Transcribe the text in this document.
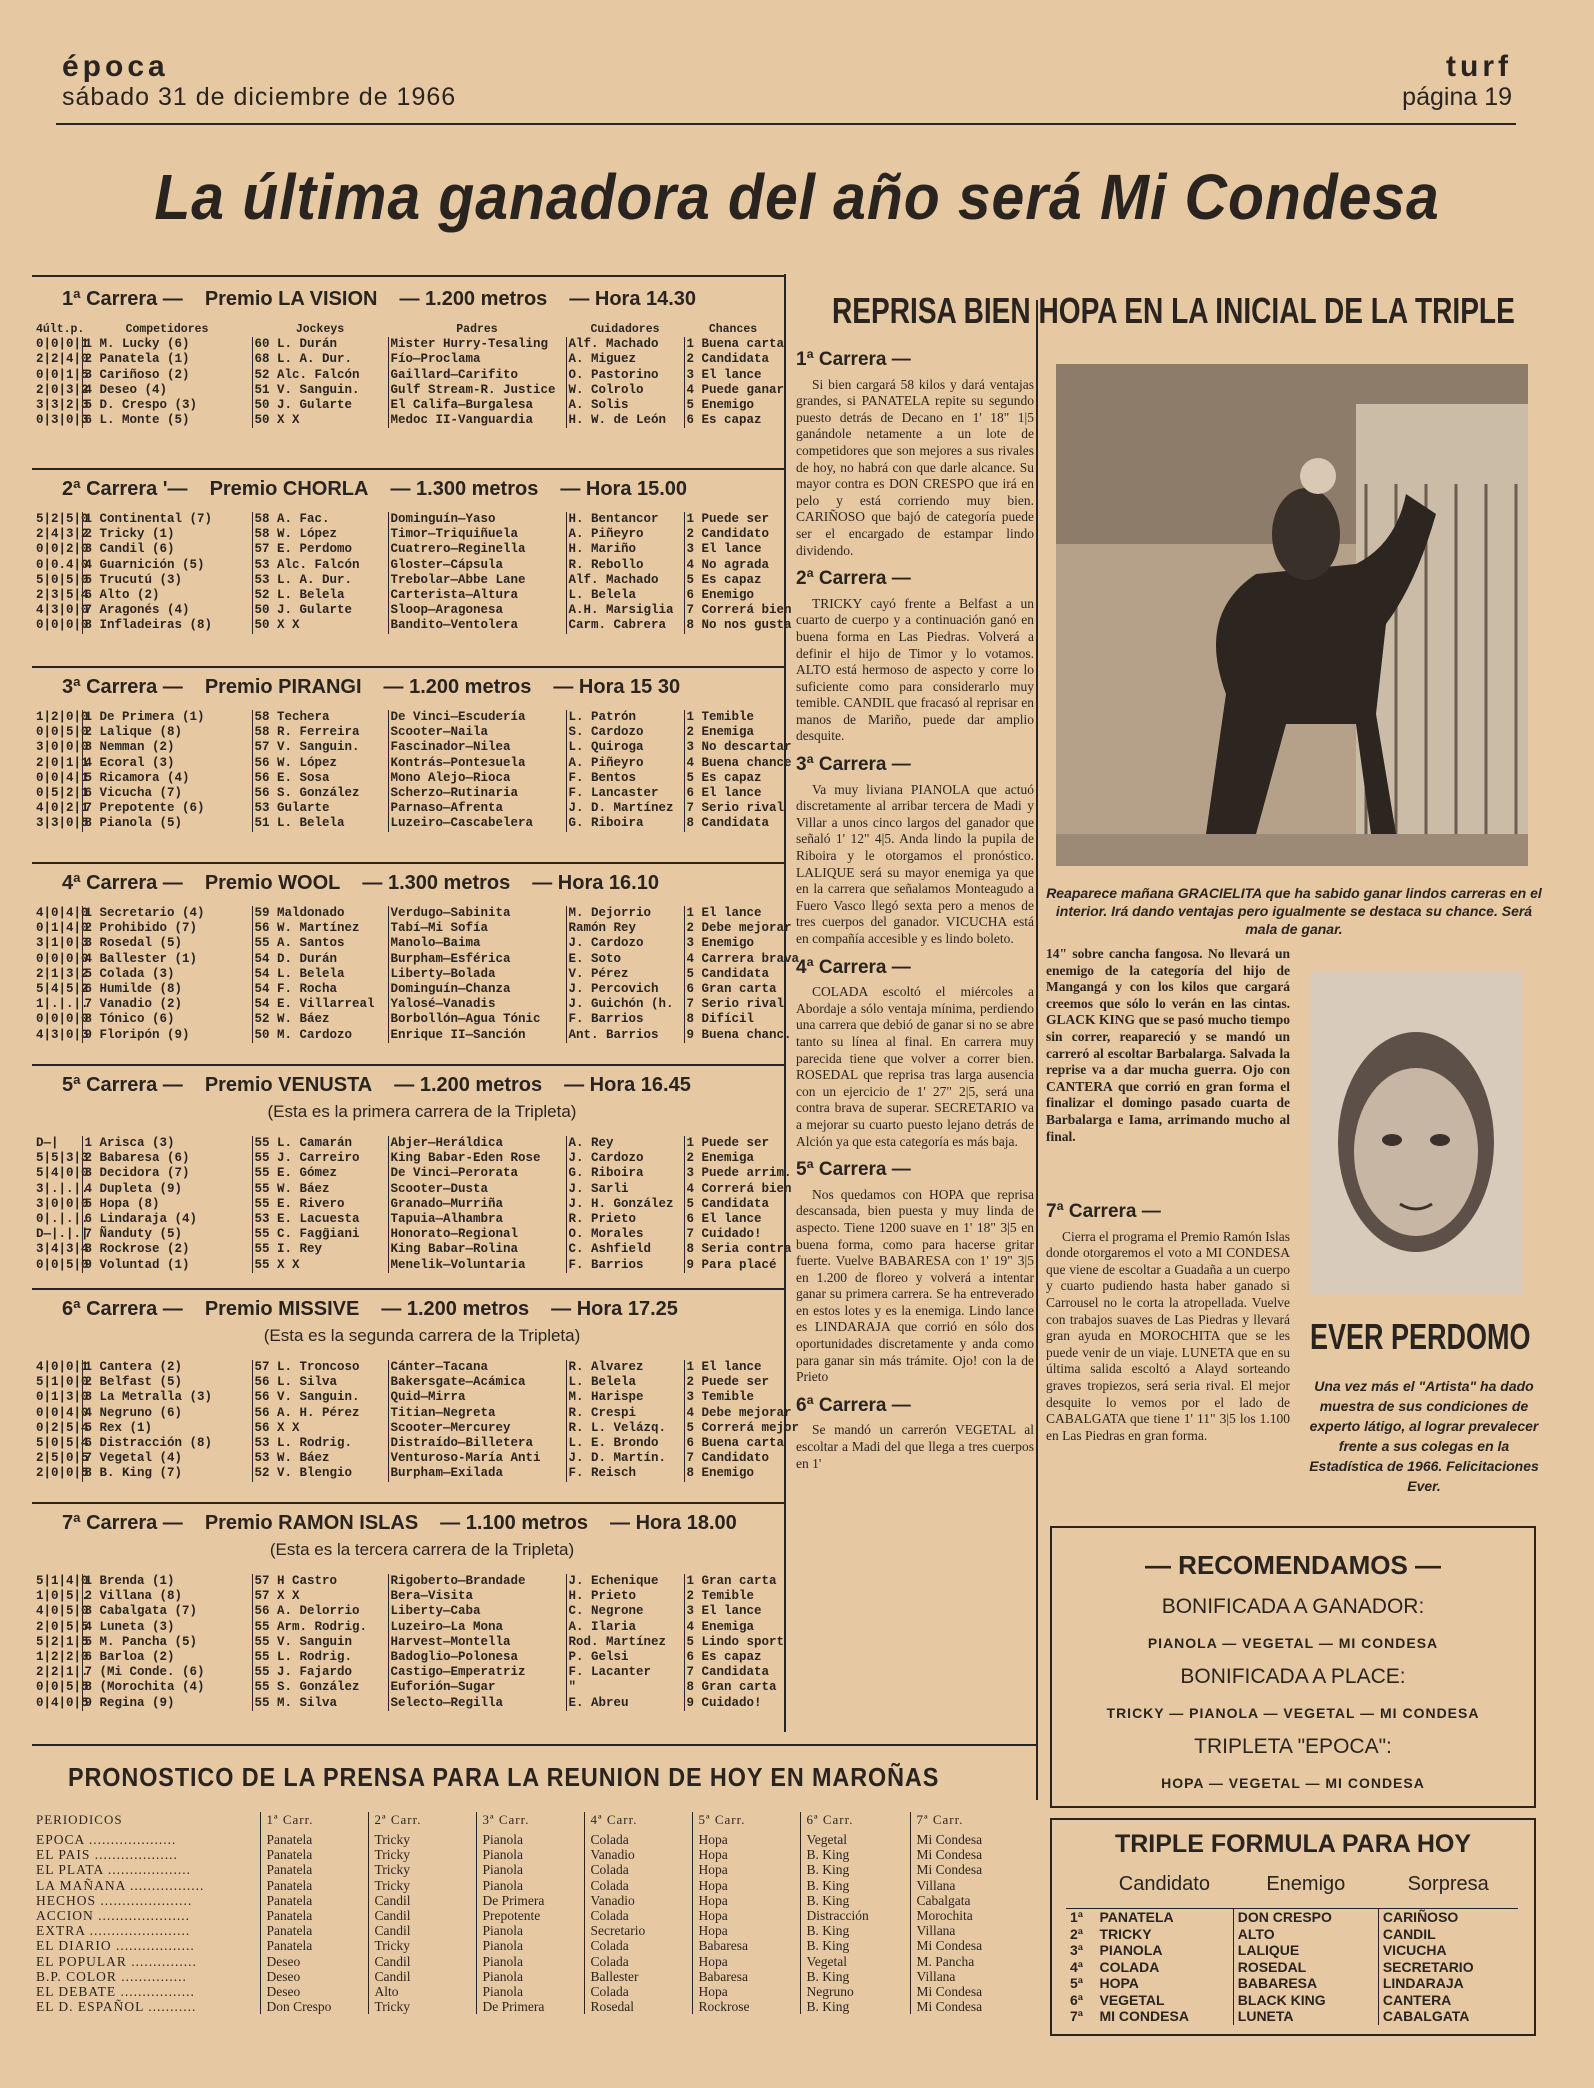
época
sábado 31 de diciembre de 1966
turf
página 19
La última ganadora del año será Mi Condesa
1ª Carrera — Premio LA VISION — 1.200 metros — Hora 14.30
4últ.p.	Competidores	Jockeys	Padres	Cuidadores	Chances
0|0|0|1	1 M. Lucky (6)	60 L. Durán	Mister Hurry-Tesaling	Alf. Machado	1 Buena carta
2|2|4|0	2 Panatela (1)	68 L. A. Dur.	Fío—Proclama	A. Miguez	2 Candidata
0|0|1|5	3 Cariñoso (2)	52 Alc. Falcón	Gaillard—Carifito	O. Pastorino	3 El lance
2|0|3|2	4 Deseo (4)	51 V. Sanguin.	Gulf Stream-R. Justice	W. Colrolo	4 Puede ganar
3|3|2|3	5 D. Crespo (3)	50 J. Gularte	El Califa—Burgalesa	A. Solis	5 Enemigo
0|3|0|3	6 L. Monte (5)	50 X X	Medoc II-Vanguardia	H. W. de León	6 Es capaz
2ª Carrera '— Premio CHORLA — 1.300 metros — Hora 15.00
5|2|5|0	1 Continental (7)	58 A. Fac.	Dominguín—Yaso	H. Bentancor	1 Puede ser
2|4|3|2	2 Tricky (1)	58 W. López	Timor—Triquiñuela	A. Piñeyro	2 Candidato
0|0|2|0	3 Candil (6)	57 E. Perdomo	Cuatrero—Reginella	H. Mariño	3 El lance
0|0.4|0	4 Guarnición (5)	53 Alc. Falcón	Gloster—Cápsula	R. Rebollo	4 No agrada
5|0|5|0	5 Trucutú (3)	53 L. A. Dur.	Trebolar—Abbe Lane	Alf. Machado	5 Es capaz
2|3|5|4	6 Alto (2)	52 L. Belela	Carterista—Altura	L. Belela	6 Enemigo
4|3|0|0	7 Aragonés (4)	50 J. Gularte	Sloop—Aragonesa	A.H. Marsiglia	7 Correrá bien
0|0|0|0	8 Infladeiras (8)	50 X X	Bandito—Ventolera	Carm. Cabrera	8 No nos gusta
3ª Carrera — Premio PIRANGI — 1.200 metros — Hora 15 30
1|2|0|0	1 De Primera (1)	58 Techera	De Vinci—Escudería	L. Patrón	1 Temible
0|0|5|0	2 Lalique (8)	58 R. Ferreira	Scooter—Naila	S. Cardozo	2 Enemiga
3|0|0|0	3 Nemman (2)	57 V. Sanguin.	Fascinador—Nilea	L. Quiroga	3 No descartar
2|0|1|1	4 Ecoral (3)	56 W. López	Kontrás—Ponteзuela	A. Piñeyro	4 Buena chance
0|0|4|1	5 Ricamora (4)	56 E. Sosa	Mono Alejo—Rioca	F. Bentos	5 Es capaz
0|5|2|1	6 Vicucha (7)	56 S. González	Scherzo—Rutinaria	F. Lancaster	6 El lance
4|0|2|1	7 Prepotente (6)	53 Gularte	Parnaso—Afrenta	J. D. Martínez	7 Serio rival
3|3|0|5	8 Pianola (5)	51 L. Belela	Luzeiro—Cascabelera	G. Riboira	8 Candidata
4ª Carrera — Premio WOOL — 1.300 metros — Hora 16.10
4|0|4|0	1 Secretario (4)	59 Maldonado	Verdugo—Sabinita	M. Dejorrio	1 El lance
0|1|4|0	2 Prohibido (7)	56 W. Martínez	Tabí—Mi Sofía	Ramón Rey	2 Debe mejorar
3|1|0|3	3 Rosedal (5)	55 A. Santos	Manolo—Baima	J. Cardozo	3 Enemigo
0|0|0|0	4 Ballester (1)	54 D. Durán	Burpham—Esférica	E. Soto	4 Carrera brava
2|1|3|2	5 Colada (3)	54 L. Belela	Liberty—Bolada	V. Pérez	5 Candidata
5|4|5|2	6 Humilde (8)	54 F. Rocha	Dominguín—Chanza	J. Percovich	6 Gran carta
1|.|.|.	7 Vanadio (2)	54 E. Villarreal	Yalosé—Vanadis	J. Guichón (h.	7 Serio rival
0|0|0|0	8 Tónico (6)	52 W. Báez	Borbollón—Agua Tónic	F. Barrios	8 Difícil
4|3|0|3	9 Floripón (9)	50 M. Cardozo	Enrique II—Sanción	Ant. Barrios	9 Buena chanc.
5ª Carrera — Premio VENUSTA — 1.200 metros — Hora 16.45
(Esta es la primera carrera de la Tripleta)
D—|	1 Arisca (3)	55 L. Camarán	Abjer—Heráldica	A. Rey	1 Puede ser
5|5|3|3	2 Babaresa (6)	55 J. Carreiro	King Babar-Eden Rose	J. Cardozo	2 Enemiga
5|4|0|0	3 Decidora (7)	55 E. Gómez	De Vinci—Perorata	G. Riboira	3 Puede arrim.
3|.|.|.	4 Dupleta (9)	55 W. Báez	Scooter—Dusta	J. Sarli	4 Correrá bien
3|0|0|0	5 Hopa (8)	55 E. Rivero	Granado—Murriña	J. H. González	5 Candidata
0|.|.|.	6 Lindaraja (4)	53 E. Lacuesta	Tapuia—Alhambra	R. Prieto	6 El lance
D—|.|.|	7 Ñanduty (5)	55 C. Fagg̃iani	Honorato—Regional	O. Morales	7 Cuidado!
3|4|3|4	8 Rockrose (2)	55 I. Rey	King Babar—Rolina	C. Ashfield	8 Seria contra
0|0|5|0	9 Voluntad (1)	55 X X	Menelik—Voluntaria	F. Barrios	9 Para placé
6ª Carrera — Premio MISSIVE — 1.200 metros — Hora 17.25
(Esta es la segunda carrera de la Tripleta)
4|0|0|1	1 Cantera (2)	57 L. Troncoso	Cánter—Tacana	R. Alvarez	1 El lance
5|1|0|0	2 Belfast (5)	56 L. Silva	Bakersgate—Acámica	L. Belela	2 Puede ser
0|1|3|0	3 La Metralla (3)	56 V. Sanguin.	Quid—Mirra	M. Harispe	3 Temible
0|0|4|0	4 Negruno (6)	56 A. H. Pérez	Titian—Negreta	R. Crespi	4 Debe mejorar
0|2|5|4	5 Rex (1)	56 X X	Scooter—Mercurey	R. L. Velázq.	5 Correrá mejor
5|0|5|4	6 Distracción (8)	53 L. Rodrig.	Distraído—Billetera	L. E. Brondo	6 Buena carta
2|5|0|5	7 Vegetal (4)	53 W. Báez	Venturoso-María Anti	J. D. Martín.	7 Candidato
2|0|0|5	8 B. King (7)	52 V. Blengio	Burpham—Exilada	F. Reisch	8 Enemigo
7ª Carrera — Premio RAMON ISLAS — 1.100 metros — Hora 18.00
(Esta es la tercera carrera de la Tripleta)
5|1|4|0	1 Brenda (1)	57 H Castro	Rigoberto—Brandade	J. Echenique	1 Gran carta
1|0|5|.	2 Villana (8)	57 X X	Bera—Visita	H. Prieto	2 Temible
4|0|5|0	3 Cabalgata (7)	56 A. Delorrio	Liberty—Caba	C. Negrone	3 El lance
2|0|5|5	4 Luneta (3)	55 Arm. Rodrig.	Luzeiro—La Mona	A. Ilaria	4 Enemiga
5|2|1|5	5 M. Pancha (5)	55 V. Sanguin	Harvest—Montella	Rod. Martínez	5 Lindo sport
1|2|2|0	6 Barloa (2)	55 L. Rodrig.	Badoglio—Polonesa	P. Gelsi	6 Es capaz
2|2|1|.	7 (Mi Conde. (6)	55 J. Fajardo	Castigo—Emperatriz	F. Lacanter	7 Candidata
0|0|5|5	8 (Morochita (4)	55 S. González	Euforión—Sugar	"	8 Gran carta
0|4|0|5	9 Regina (9)	55 M. Silva	Selecto—Regilla	E. Abreu	9 Cuidado!
REPRISA BIEN HOPA EN LA INICIAL DE LA TRIPLE
1ª Carrera —

Si bien cargará 58 kilos y dará ventajas grandes, si PANATELA repite su segundo puesto detrás de Decano en 1' 18" 1|5 ganándole netamente a un lote de competidores que son mejores a sus rivales de hoy, no habrá con que darle alcance. Su mayor contra es DON CRESPO que irá en pelo y está corriendo muy bien. CARIÑOSO que bajó de categoría puede ser el encargado de estampar lindo dividendo.

2ª Carrera —

TRICKY cayó frente a Belfast a un cuarto de cuerpo y a continuación ganó en buena forma en Las Piedras. Volverá a definir el hijo de Timor y lo votamos. ALTO está hermoso de aspecto y corre lo suficiente como para considerarlo muy temible. CANDIL que fracasó al reprisar en manos de Mariño, puede dar amplio desquite.

3ª Carrera —

Va muy liviana PIANOLA que actuó discretamente al arribar tercera de Madi y Villar a unos cinco largos del ganador que señaló 1' 12" 4|5. Anda lindo la pupila de Riboira y le otorgamos el pronóstico. LALIQUE será su mayor enemiga ya que en la carrera que señalamos Monteagudo a Fuero Vasco llegó sexta pero a menos de tres cuerpos del ganador. VICUCHA está en compañía accesible y es lindo boleto.

4ª Carrera —

COLADA escoltó el miércoles a Abordaje a sólo ventaja mínima, perdiendo una carrera que debió de ganar si no se abre tanto su línea al final. En carrera muy parecida tiene que volver a correr bien. ROSEDAL que reprisa tras larga ausencia con un ejercicio de 1' 27" 2|5, será una contra brava de superar. SECRETARIO va a mejorar su cuarto puesto lejano detrás de Alción ya que esta categoría es más baja.

5ª Carrera —

Nos quedamos con HOPA que reprisa descansada, bien puesta y muy linda de aspecto. Tiene 1200 suave en 1' 18" 3|5 en buena forma, como para hacerse gritar fuerte. Vuelve BABARESA con 1' 19" 3|5 en 1.200 de floreo y volverá a intentar ganar su primera carrera. Se ha entreverado en estos lotes y es la enemiga. Lindo lance es LINDARAJA que corrió en sólo dos oportunidades discretamente y anda como para ganar sin más trámite. Ojo! con la de Prieto

6ª Carrera —

Se mandó un carrerón VEGETAL al escoltar a Madi del que llega a tres cuerpos en 1'

Reaparece mañana GRACIELITA que ha sabido ganar lindos carreras en el interior. Irá dando ventajas pero igualmente se destaca su chance. Será mala de ganar.

14" sobre cancha fangosa. No llevará un enemigo de la categoría del hijo de Mangangá y con los kilos que cargará creemos que sólo lo verán en las cintas. GLACK KING que se pasó mucho tiempo sin correr, reapareció y se mandó un carreró al escoltar Barbalarga. Salvada la reprise va a dar mucha guerra. Ojo con CANTERA que corrió en gran forma el finalizar el domingo pasado cuarta de Barbalarga e Iama, arrimando mucho al final.

7ª Carrera —

Cierra el programa el Premio Ramón Islas donde otorgaremos el voto a MI CONDESA que viene de escoltar a Guadaña a un cuerpo y cuarto pudiendo hasta haber ganado si Carrousel no le corta la atropellada. Vuelve con trabajos suaves de Las Piedras y llevará gran ayuda en MOROCHITA que se les puede venir de un viaje. LUNETA que en su última salida escoltó a Alayd sorteando graves tropiezos, será seria rival. El mejor desquite lo vemos por el lado de CABALGATA que tiene 1' 11" 3|5 los 1.100 en Las Piedras en gran forma.

EVER PERDOMO
Una vez más el "Artista" ha dado muestra de sus condiciones de experto látigo, al lograr prevalecer frente a sus colegas en la Estadística de 1966. Felicitaciones Ever.
— RECOMENDAMOS —
BONIFICADA A GANADOR:
PIANOLA — VEGETAL — MI CONDESA
BONIFICADA A PLACE:
TRICKY — PIANOLA — VEGETAL — MI CONDESA
TRIPLETA "EPOCA":
HOPA — VEGETAL — MI CONDESA
TRIPLE FORMULA PARA HOY
	Candidato	Enemigo	Sorpresa
1ª	PANATELA	DON CRESPO	CARIÑOSO
2ª	TRICKY	ALTO	CANDIL
3ª	PIANOLA	LALIQUE	VICUCHA
4ª	COLADA	ROSEDAL	SECRETARIO
5ª	HOPA	BABARESA	LINDARAJA
6ª	VEGETAL	BLACK KING	CANTERA
7ª	MI CONDESA	LUNETA	CABALGATA
PRONOSTICO DE LA PRENSA PARA LA REUNION DE HOY EN MAROÑAS
PERIODICOS	1ª Carr.	2ª Carr.	3ª Carr.	4ª Carr.	5ª Carr.	6ª Carr.	7ª Carr.
EPOCA ....................	Panatela	Tricky	Pianola	Colada	Hopa	Vegetal	Mi Condesa
EL PAIS ...................	Panatela	Tricky	Pianola	Vanadio	Hopa	B. King	Mi Condesa
EL PLATA ...................	Panatela	Tricky	Pianola	Colada	Hopa	B. King	Mi Condesa
LA MAÑANA .................	Panatela	Tricky	Pianola	Colada	Hopa	B. King	Villana
HECHOS .....................	Panatela	Candil	De Primera	Vanadio	Hopa	B. King	Cabalgata
ACCION .....................	Panatela	Candil	Prepotente	Colada	Hopa	Distracción	Morochita
EXTRA .......................	Panatela	Candil	Pianola	Secretario	Hopa	B. King	Villana
EL DIARIO ..................	Panatela	Tricky	Pianola	Colada	Babaresa	B. King	Mi Condesa
EL POPULAR ...............	Deseo	Candil	Pianola	Colada	Hopa	Vegetal	M. Pancha
B.P. COLOR ...............	Deseo	Candil	Pianola	Ballester	Babaresa	B. King	Villana
EL DEBATE .................	Deseo	Alto	Pianola	Colada	Hopa	Negruno	Mi Condesa
EL D. ESPAÑOL ...........	Don Crespo	Tricky	De Primera	Rosedal	Rockrose	B. King	Mi Condesa
